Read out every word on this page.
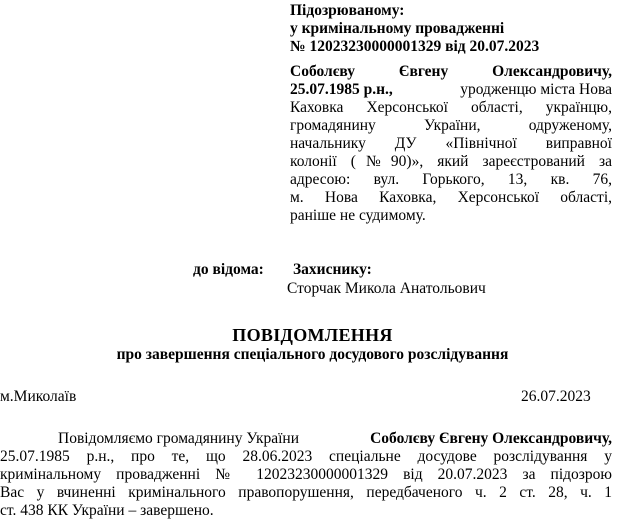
Підозрюваному:
у кримінальному провадженні
№ 12023230000001329 від 20.07.2023
Соболєву Євгену Олександровичу,
25.07.1985 р.н.,	уродженцю міста Нова
Каховка Херсонської області, українцю,
громадянину України, одруженому,
начальнику ДУ «Північної виправної
колонії (№90)», який зареєстрований за
адресою: вул. Горького, 13, кв. 76,
м. Нова Каховка, Херсонської області,
раніше не судимому.
до відома: Захиснику:
Сторчак Микола Анатольович
ПОВІДОМЛЕННЯ
про завершення спеціального досудового розслідування
м.Миколаїв	26.07.2023
Повідомляємо громадянину України	Соболєву Євгену Олександровичу,
25.07.1985 р.н., про те, що 28.06.2023 спеціальне досудове розслідування у
кримінальному провадженні № 12023230000001329 від 20.07.2023 за підозрою
Вас у вчиненні кримінального правопорушення, передбаченого ч. 2 ст. 28, ч. 1
ст. 438 КК України – завершено.
